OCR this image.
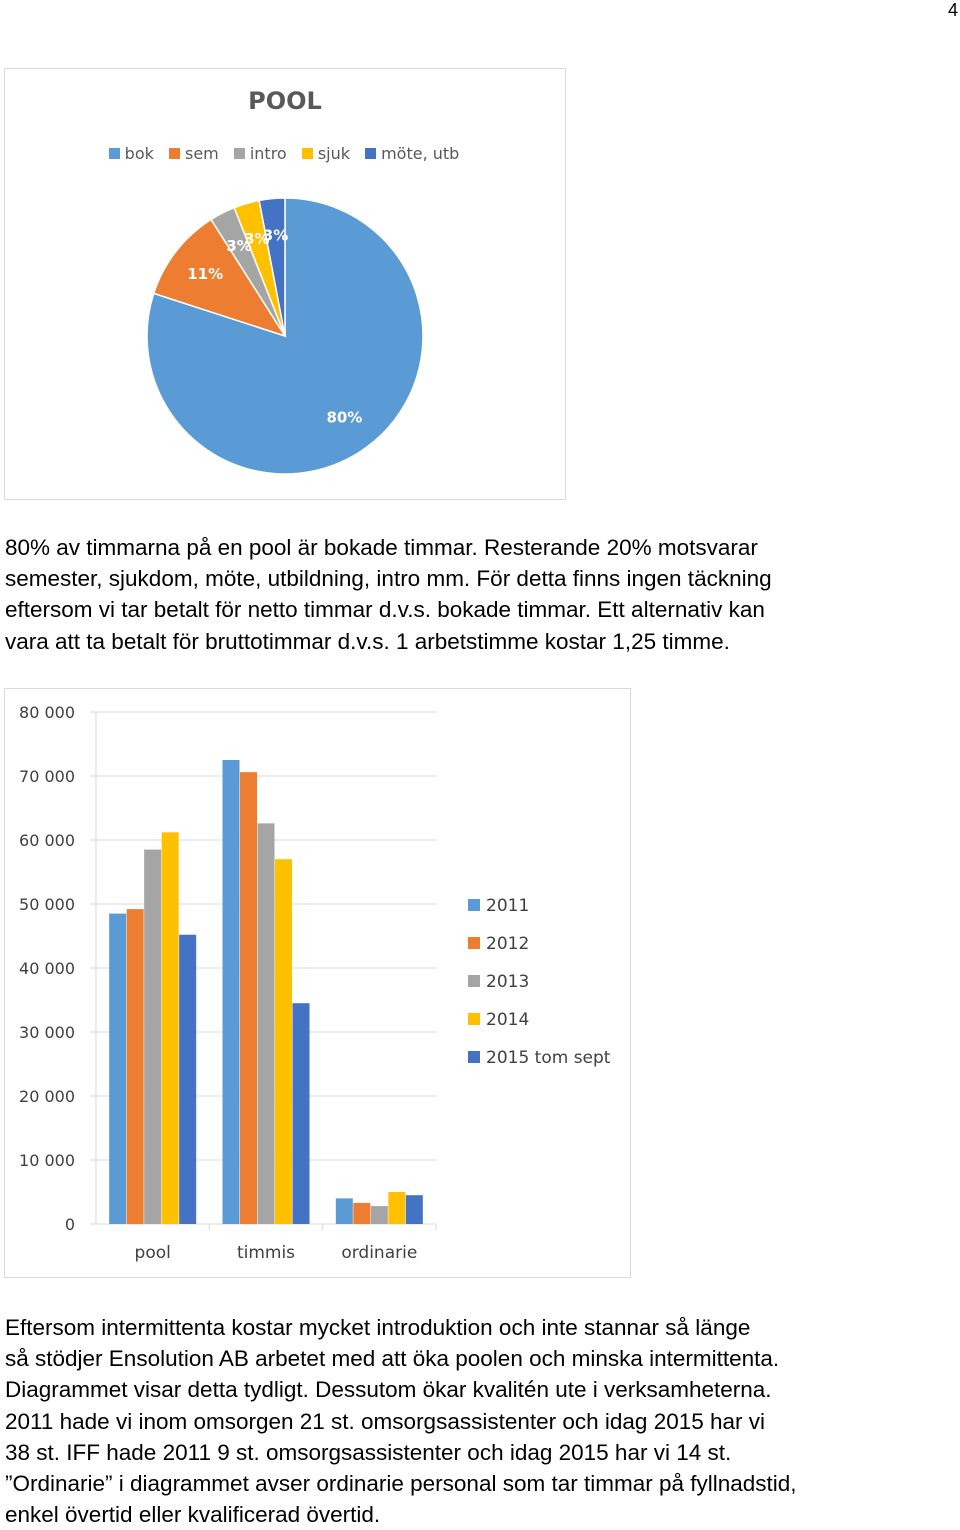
4
POOL
bok sem intro sjuk möte, utb
80%
11%
3%
3%
3%

80% av timmarna på en pool är bokade timmar. Resterande 20% motsvarar
semester, sjukdom, möte, utbildning, intro mm. För detta finns ingen täckning
eftersom vi tar betalt för netto timmar d.v.s. bokade timmar. Ett alternativ kan
vara att ta betalt för bruttotimmar d.v.s. 1 arbetstimme kostar 1,25 timme.

0
10 000
20 000
30 000
40 000
50 000
60 000
70 000
80 000
pool	timmis	ordinarie
2011
2012
2013
2014
2015 tom sept

Eftersom intermittenta kostar mycket introduktion och inte stannar så länge
så stödjer Ensolution AB arbetet med att öka poolen och minska intermittenta.
Diagrammet visar detta tydligt. Dessutom ökar kvalitén ute i verksamheterna.
2011 hade vi inom omsorgen 21 st. omsorgsassistenter och idag 2015 har vi
38 st. IFF hade 2011 9 st. omsorgsassistenter och idag 2015 har vi 14 st.
”Ordinarie” i diagrammet avser ordinarie personal som tar timmar på fyllnadstid,
enkel övertid eller kvalificerad övertid.
